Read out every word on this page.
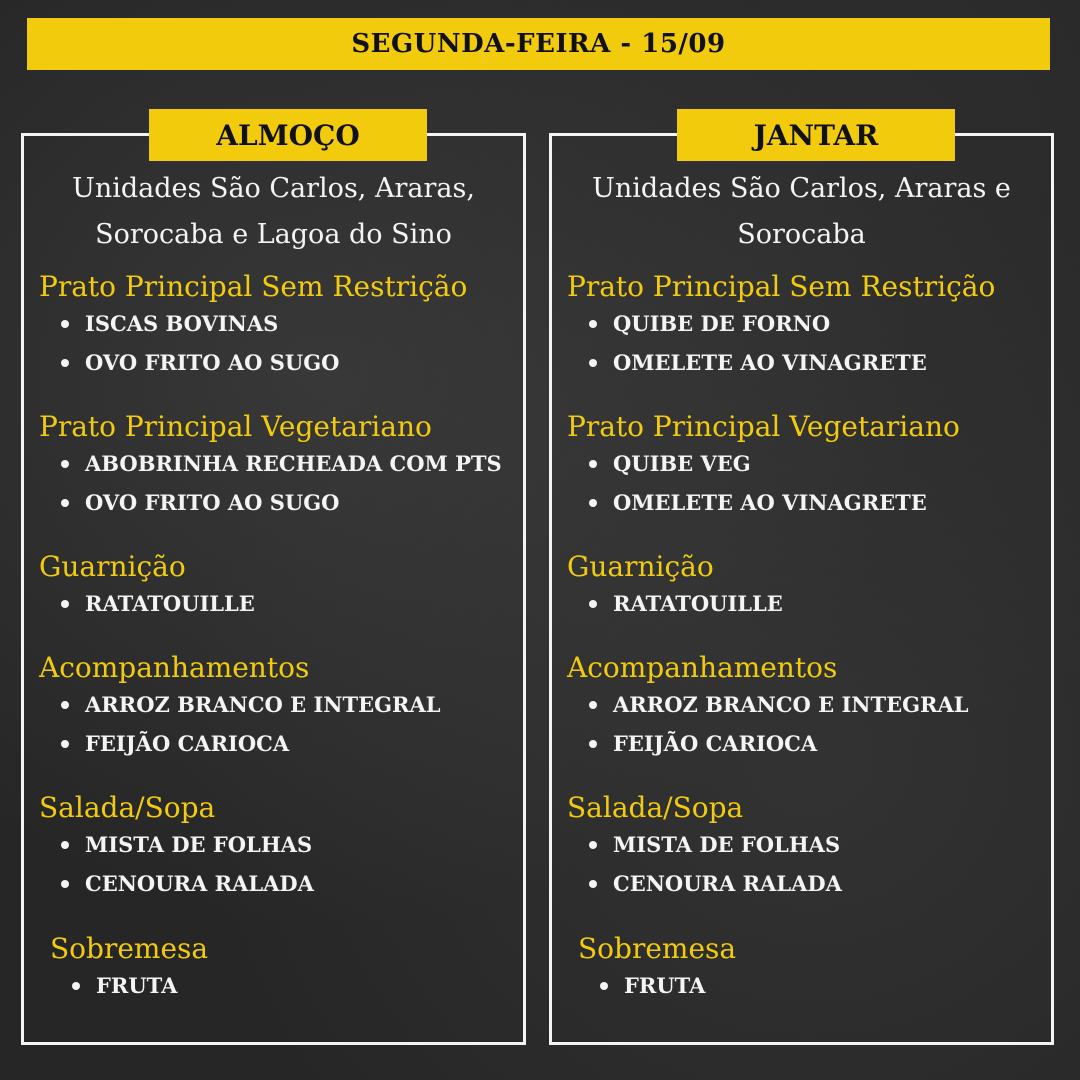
SEGUNDA-FEIRA - 15/09
ALMOÇO
Unidades São Carlos, Araras, Sorocaba e Lagoa do Sino
Prato Principal Sem Restrição
ISCAS BOVINAS
OVO FRITO AO SUGO
Prato Principal Vegetariano
ABOBRINHA RECHEADA COM PTS
OVO FRITO AO SUGO
Guarnição
RATATOUILLE
Acompanhamentos
ARROZ BRANCO E INTEGRAL
FEIJÃO CARIOCA
Salada/Sopa
MISTA DE FOLHAS
CENOURA RALADA
Sobremesa
FRUTA
JANTAR
Unidades São Carlos, Araras e Sorocaba
Prato Principal Sem Restrição
QUIBE DE FORNO
OMELETE AO VINAGRETE
Prato Principal Vegetariano
QUIBE VEG
OMELETE AO VINAGRETE
Guarnição
RATATOUILLE
Acompanhamentos
ARROZ BRANCO E INTEGRAL
FEIJÃO CARIOCA
Salada/Sopa
MISTA DE FOLHAS
CENOURA RALADA
Sobremesa
FRUTA
